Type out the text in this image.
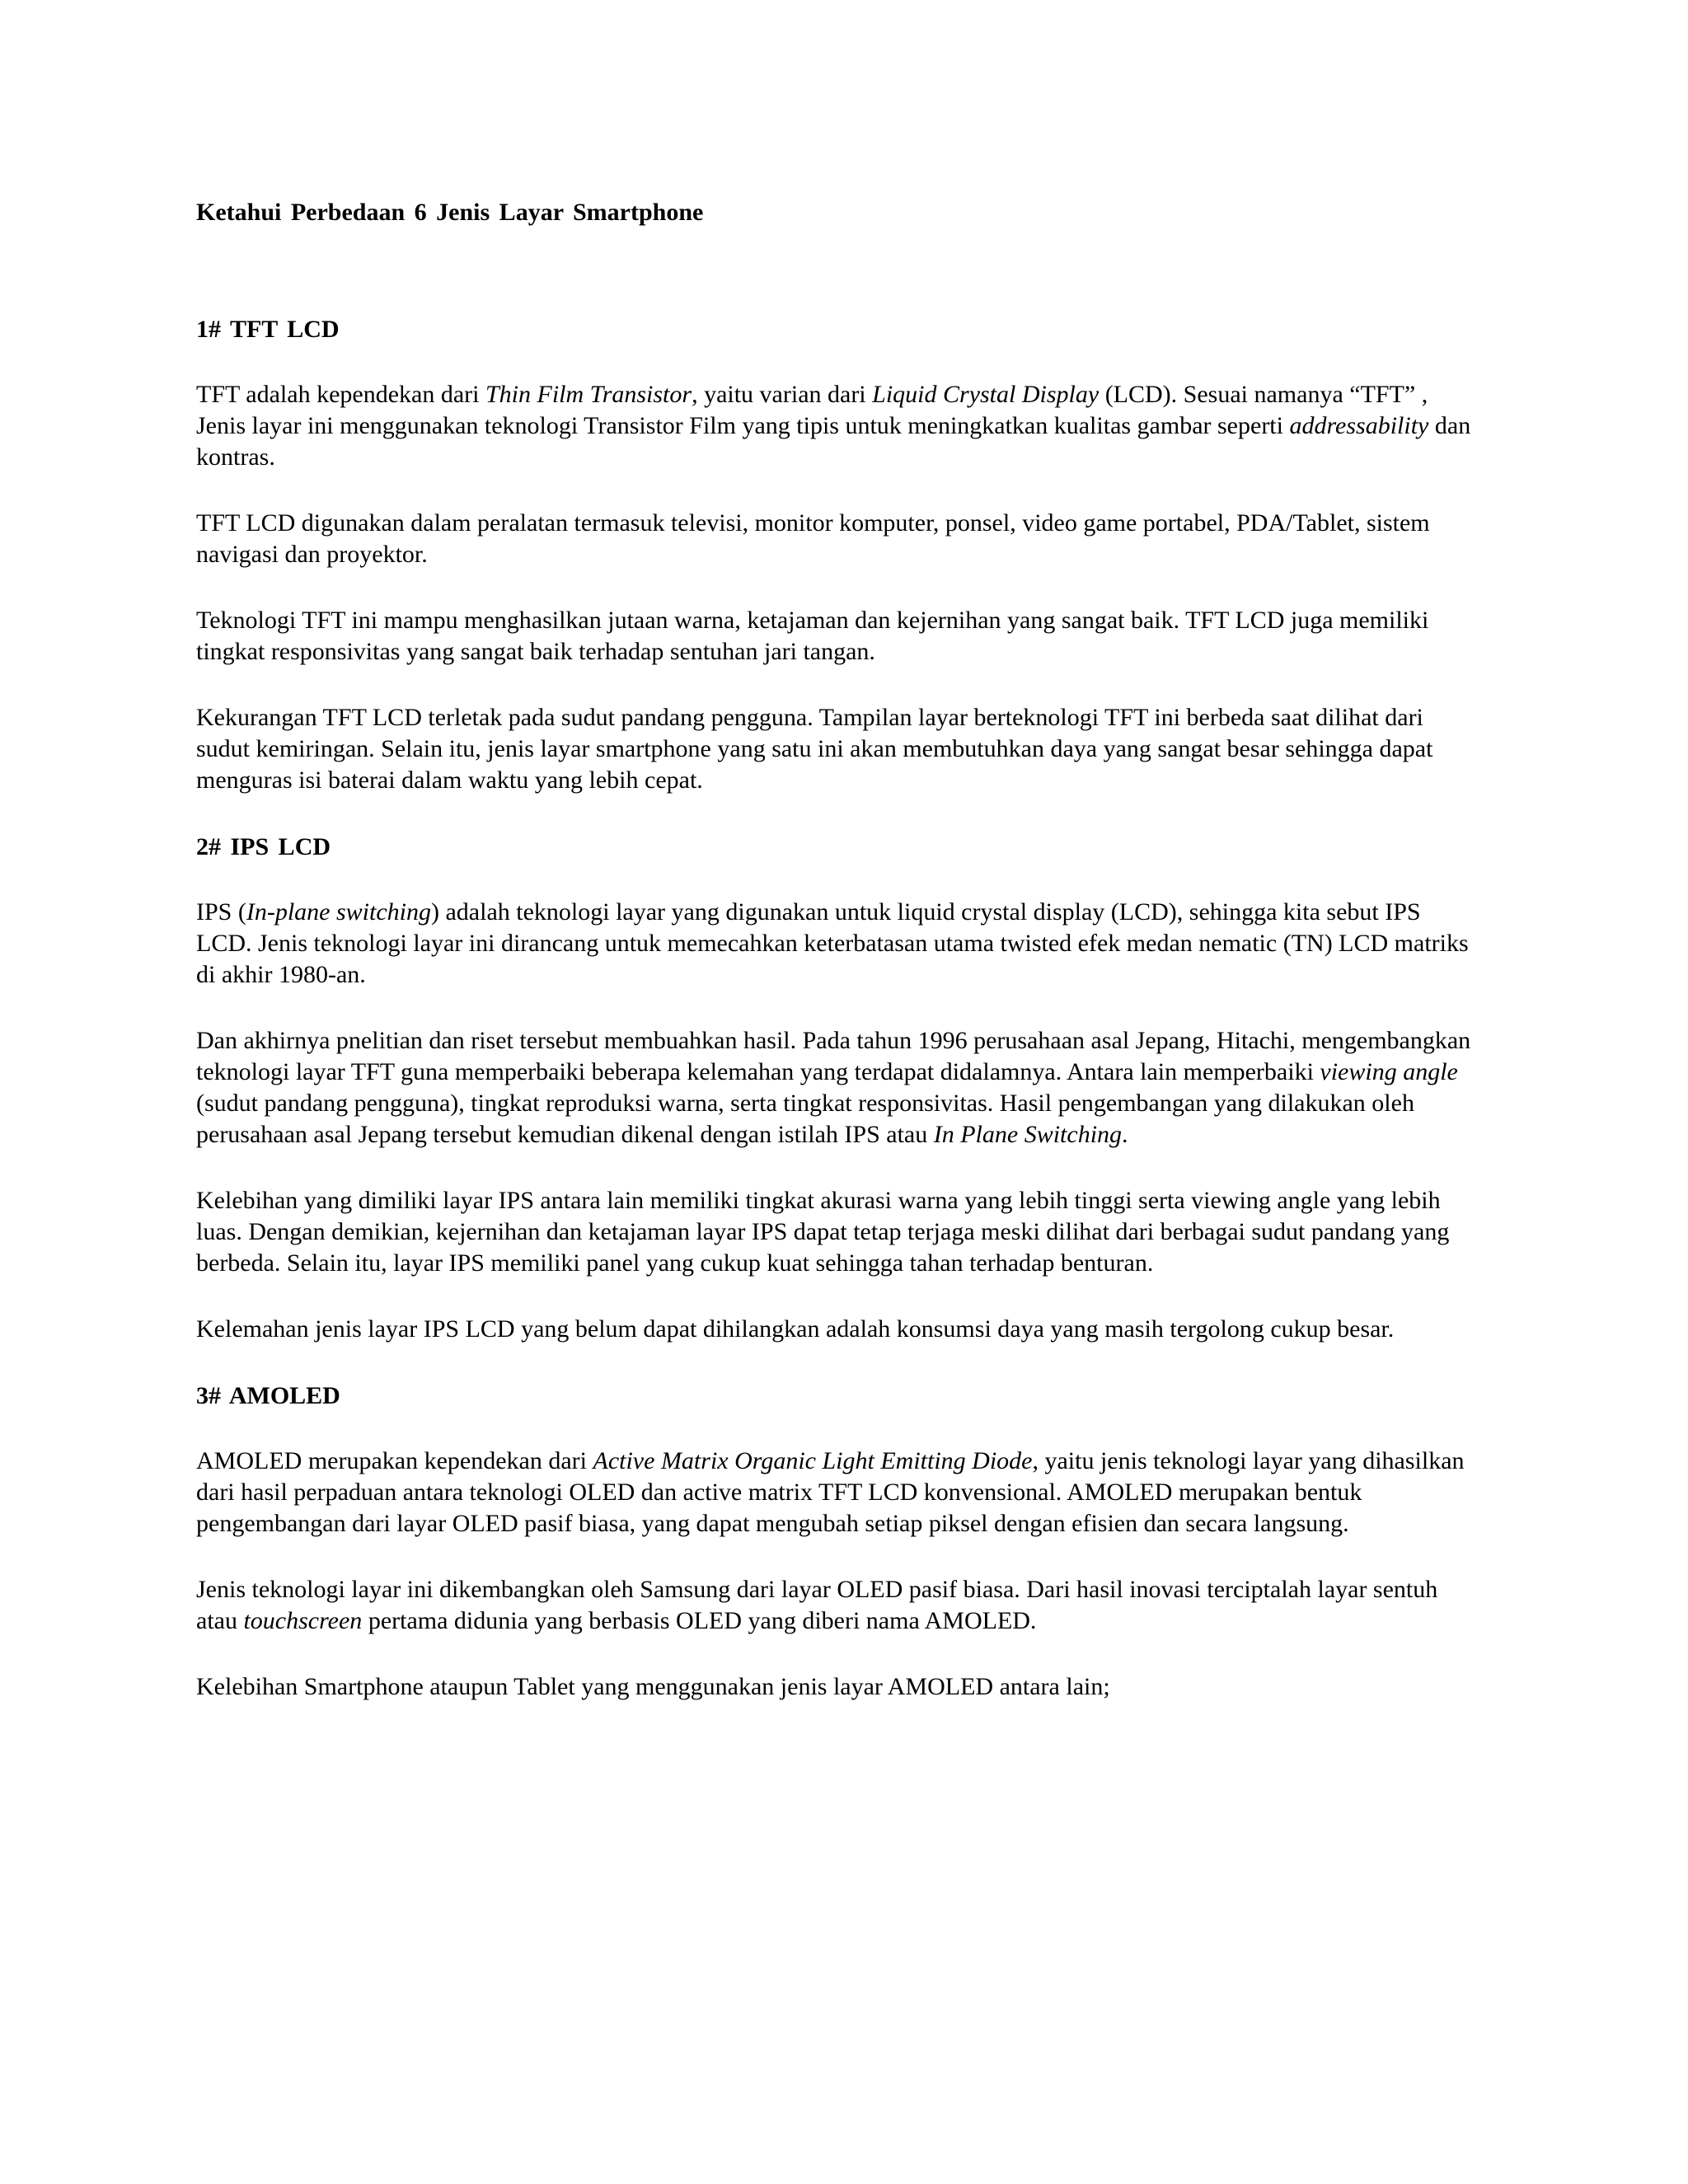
Ketahui Perbedaan 6 Jenis Layar Smartphone
1# TFT LCD

TFT adalah kependekan dari Thin Film Transistor, yaitu varian dari Liquid Crystal Display (LCD). Sesuai namanya “TFT” , Jenis layar ini menggunakan teknologi Transistor Film yang tipis untuk meningkatkan kualitas gambar seperti addressability dan kontras.

TFT LCD digunakan dalam peralatan termasuk televisi, monitor komputer, ponsel, video game portabel, PDA/Tablet, sistem navigasi dan proyektor.

Teknologi TFT ini mampu menghasilkan jutaan warna, ketajaman dan kejernihan yang sangat baik. TFT LCD juga memiliki tingkat responsivitas yang sangat baik terhadap sentuhan jari tangan.

Kekurangan TFT LCD terletak pada sudut pandang pengguna. Tampilan layar berteknologi TFT ini berbeda saat dilihat dari sudut kemiringan. Selain itu, jenis layar smartphone yang satu ini akan membutuhkan daya yang sangat besar sehingga dapat menguras isi baterai dalam waktu yang lebih cepat.

2# IPS LCD

IPS (In-plane switching) adalah teknologi layar yang digunakan untuk liquid crystal display (LCD), sehingga kita sebut IPS LCD. Jenis teknologi layar ini dirancang untuk memecahkan keterbatasan utama twisted efek medan nematic (TN) LCD matriks di akhir 1980-an.

Dan akhirnya pnelitian dan riset tersebut membuahkan hasil. Pada tahun 1996 perusahaan asal Jepang, Hitachi, mengembangkan teknologi layar TFT guna memperbaiki beberapa kelemahan yang terdapat didalamnya. Antara lain memperbaiki viewing angle (sudut pandang pengguna), tingkat reproduksi warna, serta tingkat responsivitas. Hasil pengembangan yang dilakukan oleh perusahaan asal Jepang tersebut kemudian dikenal dengan istilah IPS atau In Plane Switching.

Kelebihan yang dimiliki layar IPS antara lain memiliki tingkat akurasi warna yang lebih tinggi serta viewing angle yang lebih luas. Dengan demikian, kejernihan dan ketajaman layar IPS dapat tetap terjaga meski dilihat dari berbagai sudut pandang yang berbeda. Selain itu, layar IPS memiliki panel yang cukup kuat sehingga tahan terhadap benturan.

Kelemahan jenis layar IPS LCD yang belum dapat dihilangkan adalah konsumsi daya yang masih tergolong cukup besar.

3# AMOLED

AMOLED merupakan kependekan dari Active Matrix Organic Light Emitting Diode, yaitu jenis teknologi layar yang dihasilkan dari hasil perpaduan antara teknologi OLED dan active matrix TFT LCD konvensional. AMOLED merupakan bentuk pengembangan dari layar OLED pasif biasa, yang dapat mengubah setiap piksel dengan efisien dan secara langsung.

Jenis teknologi layar ini dikembangkan oleh Samsung dari layar OLED pasif biasa. Dari hasil inovasi terciptalah layar sentuh atau touchscreen pertama didunia yang berbasis OLED yang diberi nama AMOLED.

Kelebihan Smartphone ataupun Tablet yang menggunakan jenis layar AMOLED antara lain;
